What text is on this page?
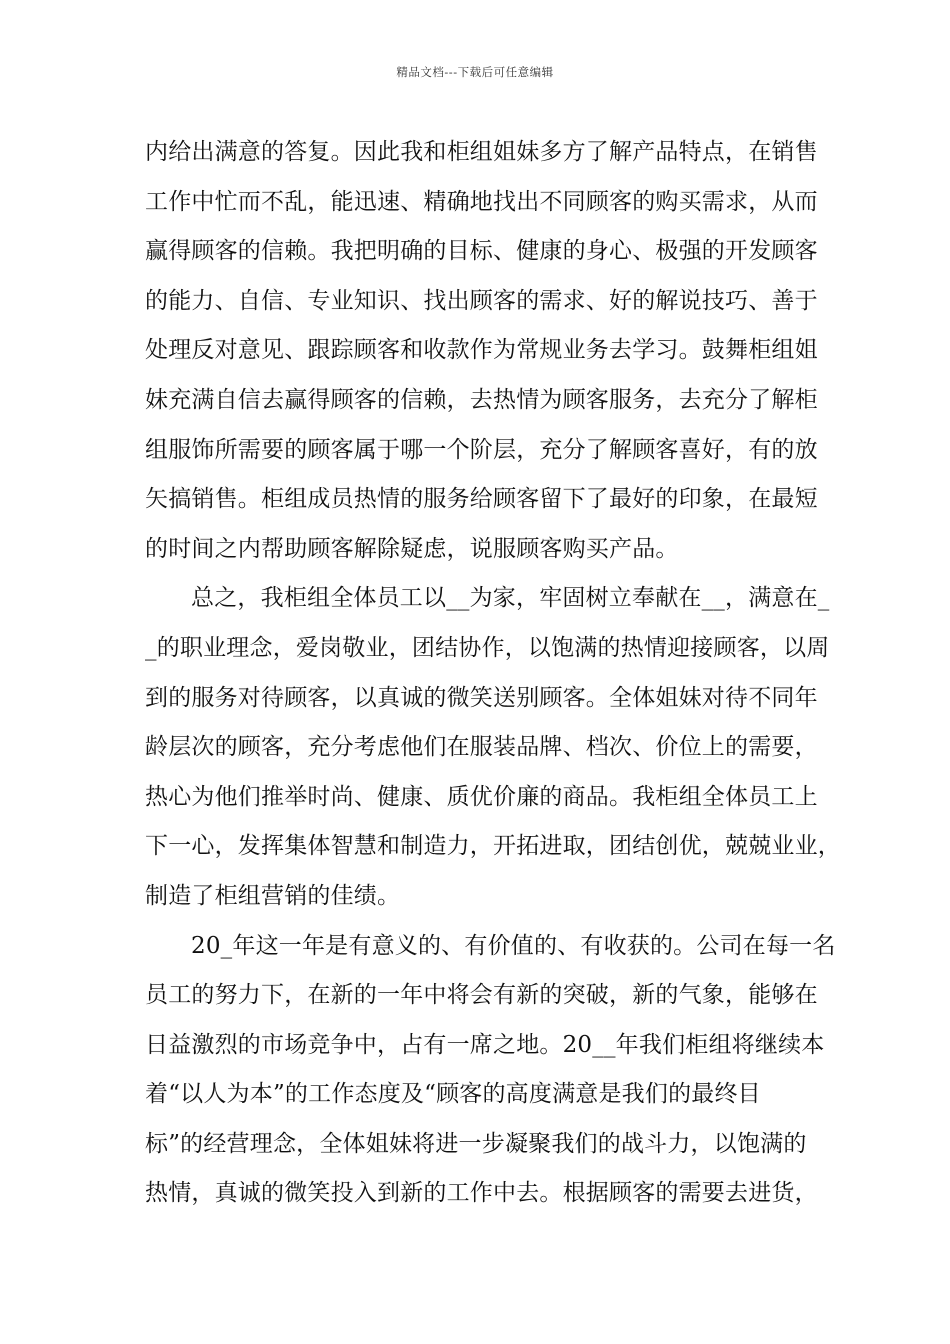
精品文档---下载后可任意编辑
内给出满意的答复。因此我和柜组姐妹多方了解产品特点，在销售
工作中忙而不乱，能迅速、精确地找出不同顾客的购买需求，从而
赢得顾客的信赖。我把明确的目标、健康的身心、极强的开发顾客
的能力、自信、专业知识、找出顾客的需求、好的解说技巧、善于
处理反对意见、跟踪顾客和收款作为常规业务去学习。鼓舞柜组姐
妹充满自信去赢得顾客的信赖，去热情为顾客服务，去充分了解柜
组服饰所需要的顾客属于哪一个阶层，充分了解顾客喜好，有的放
矢搞销售。柜组成员热情的服务给顾客留下了最好的印象，在最短
的时间之内帮助顾客解除疑虑，说服顾客购买产品。
总之，我柜组全体员工以__为家，牢固树立奉献在__，满意在_
_的职业理念，爱岗敬业，团结协作，以饱满的热情迎接顾客，以周
到的服务对待顾客，以真诚的微笑送别顾客。全体姐妹对待不同年
龄层次的顾客，充分考虑他们在服装品牌、档次、价位上的需要，
热心为他们推举时尚、健康、质优价廉的商品。我柜组全体员工上
下一心，发挥集体智慧和制造力，开拓进取，团结创优，兢兢业业，
制造了柜组营销的佳绩。
20_年这一年是有意义的、有价值的、有收获的。公司在每一名
员工的努力下，在新的一年中将会有新的突破，新的气象，能够在
日益激烈的市场竞争中，占有一席之地。20__年我们柜组将继续本
着“以人为本”的工作态度及“顾客的高度满意是我们的最终目
标”的经营理念，全体姐妹将进一步凝聚我们的战斗力，以饱满的
热情，真诚的微笑投入到新的工作中去。根据顾客的需要去进货，
